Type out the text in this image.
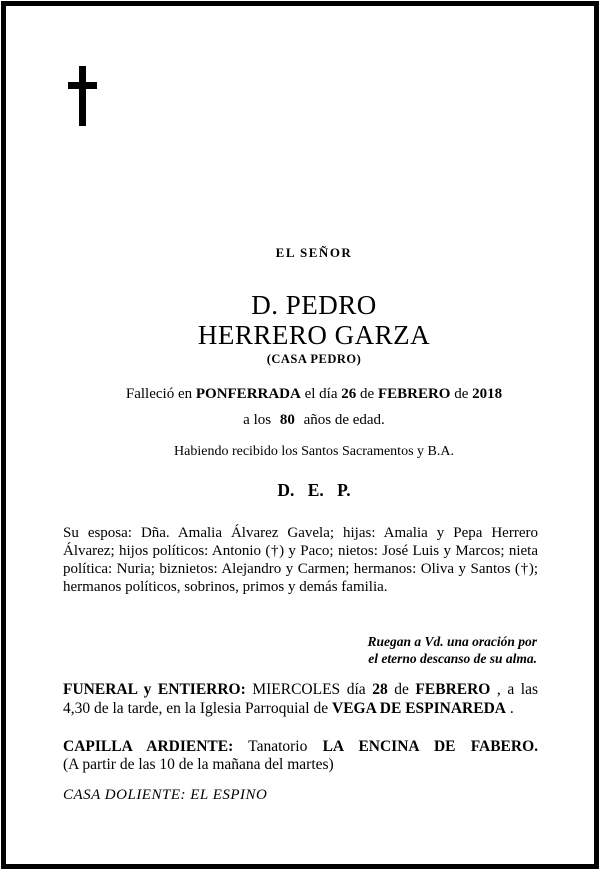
EL SEÑOR
D. PEDRO
HERRERO GARZA
(CASA PEDRO)
Falleció en PONFERRADA el día 26 de FEBRERO de 2018
a los 80 años de edad.
Habiendo recibido los Santos Sacramentos y B.A.
D. E. P.
Su esposa: Dña. Amalia Álvarez Gavela; hijas: Amalia y Pepa Herrero Álvarez; hijos políticos: Antonio (†) y Paco; nietos: José Luis y Marcos; nieta política: Nuria; biznietos: Alejandro y Carmen; hermanos: Oliva y Santos (†); hermanos políticos, sobrinos, primos y demás familia.
Ruegan a Vd. una oración por
el eterno descanso de su alma.
FUNERAL y ENTIERRO: MIERCOLES día 28 de FEBRERO , a las
4,30 de la tarde, en la Iglesia Parroquial de VEGA DE ESPINAREDA .
CAPILLA ARDIENTE: Tanatorio LA ENCINA DE FABERO.
(A partir de las 10 de la mañana del martes)
CASA DOLIENTE: EL ESPINO
